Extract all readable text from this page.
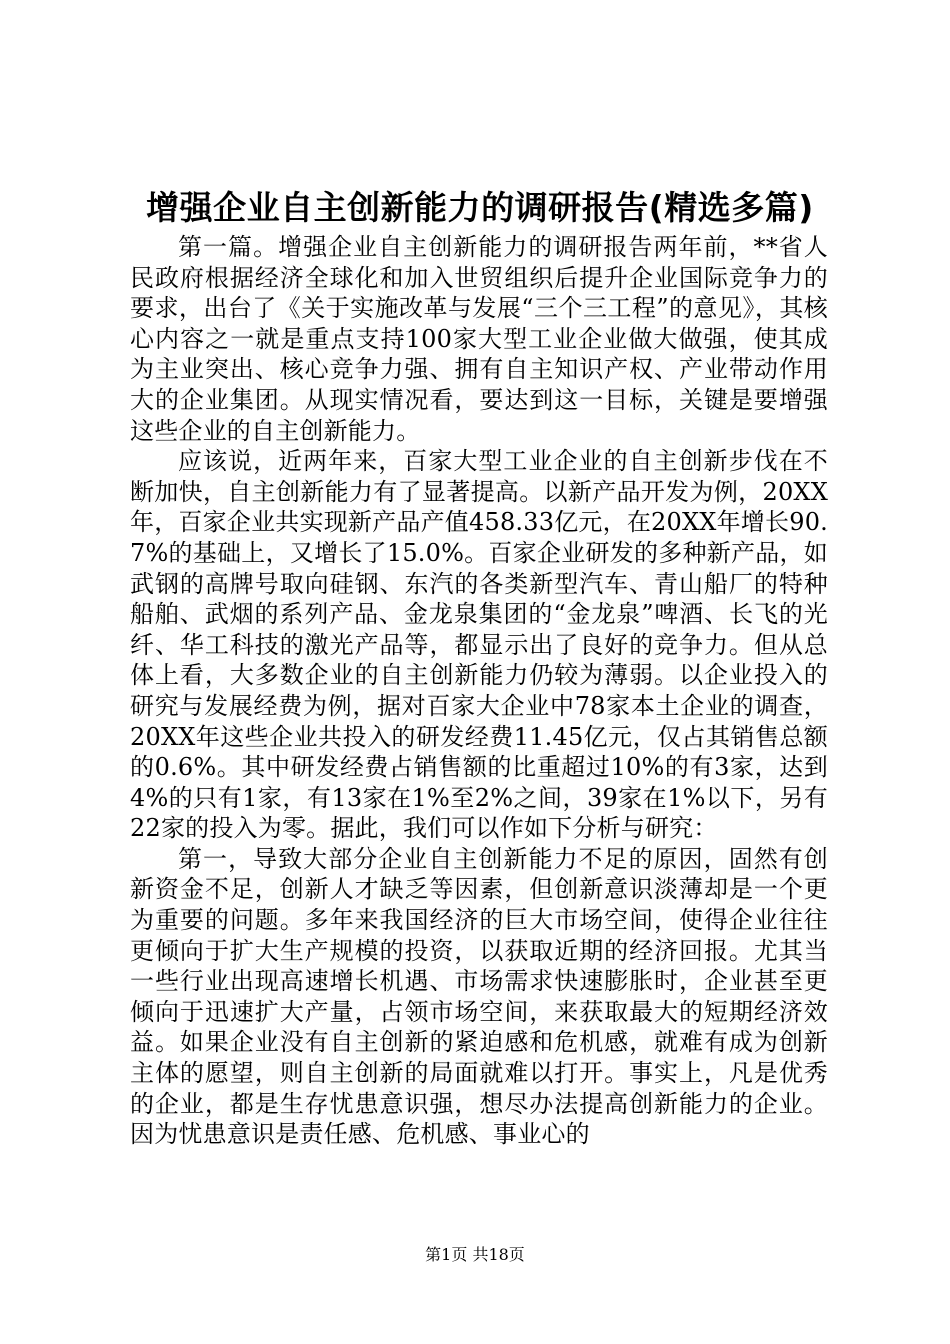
增强企业自主创新能力的调研报告(精选多篇)

第一篇。增强企业自主创新能力的调研报告两年前，**省人民政府根据经济全球化和加入世贸组织后提升企业国际竞争力的要求，出台了《关于实施改革与发展“三个三工程”的意见》，其核心内容之一就是重点支持100家大型工业企业做大做强，使其成为主业突出、核心竞争力强、拥有自主知识产权、产业带动作用大的企业集团。从现实情况看，要达到这一目标，关键是要增强这些企业的自主创新能力。

应该说，近两年来，百家大型工业企业的自主创新步伐在不断加快，自主创新能力有了显著提高。以新产品开发为例，20XX年，百家企业共实现新产品产值458.33亿元，在20XX年增长90.7%的基础上，又增长了15.0%。百家企业研发的多种新产品，如武钢的高牌号取向硅钢、东汽的各类新型汽车、青山船厂的特种船舶、武烟的系列产品、金龙泉集团的“金龙泉”啤酒、长飞的光纤、华工科技的激光产品等，都显示出了良好的竞争力。但从总体上看，大多数企业的自主创新能力仍较为薄弱。以企业投入的研究与发展经费为例，据对百家大企业中78家本土企业的调查，20XX年这些企业共投入的研发经费11.45亿元，仅占其销售总额的0.6%。其中研发经费占销售额的比重超过10%的有3家，达到4%的只有1家，有13家在1%至2%之间，39家在1%以下，另有22家的投入为零。据此，我们可以作如下分析与研究：

第一，导致大部分企业自主创新能力不足的原因，固然有创新资金不足，创新人才缺乏等因素，但创新意识淡薄却是一个更为重要的问题。多年来我国经济的巨大市场空间，使得企业往往更倾向于扩大生产规模的投资，以获取近期的经济回报。尤其当一些行业出现高速增长机遇、市场需求快速膨胀时，企业甚至更倾向于迅速扩大产量，占领市场空间，来获取最大的短期经济效益。如果企业没有自主创新的紧迫感和危机感，就难有成为创新主体的愿望，则自主创新的局面就难以打开。事实上，凡是优秀的企业，都是生存忧患意识强，想尽办法提高创新能力的企业。因为忧患意识是责任感、危机感、事业心的

第1页 共18页
